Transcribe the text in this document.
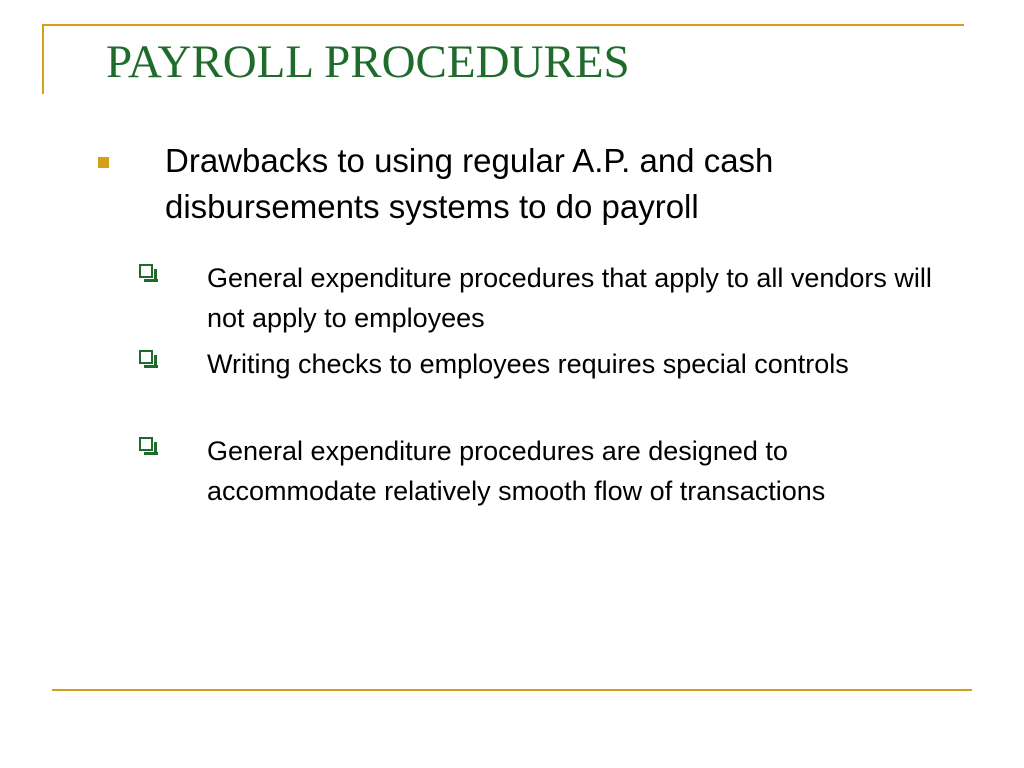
PAYROLL PROCEDURES
Drawbacks to using regular A.P. and cash disbursements systems to do payroll
General expenditure procedures that apply to all vendors will not apply to employees
Writing checks to employees requires special controls
General expenditure procedures are designed to accommodate relatively smooth flow of transactions
